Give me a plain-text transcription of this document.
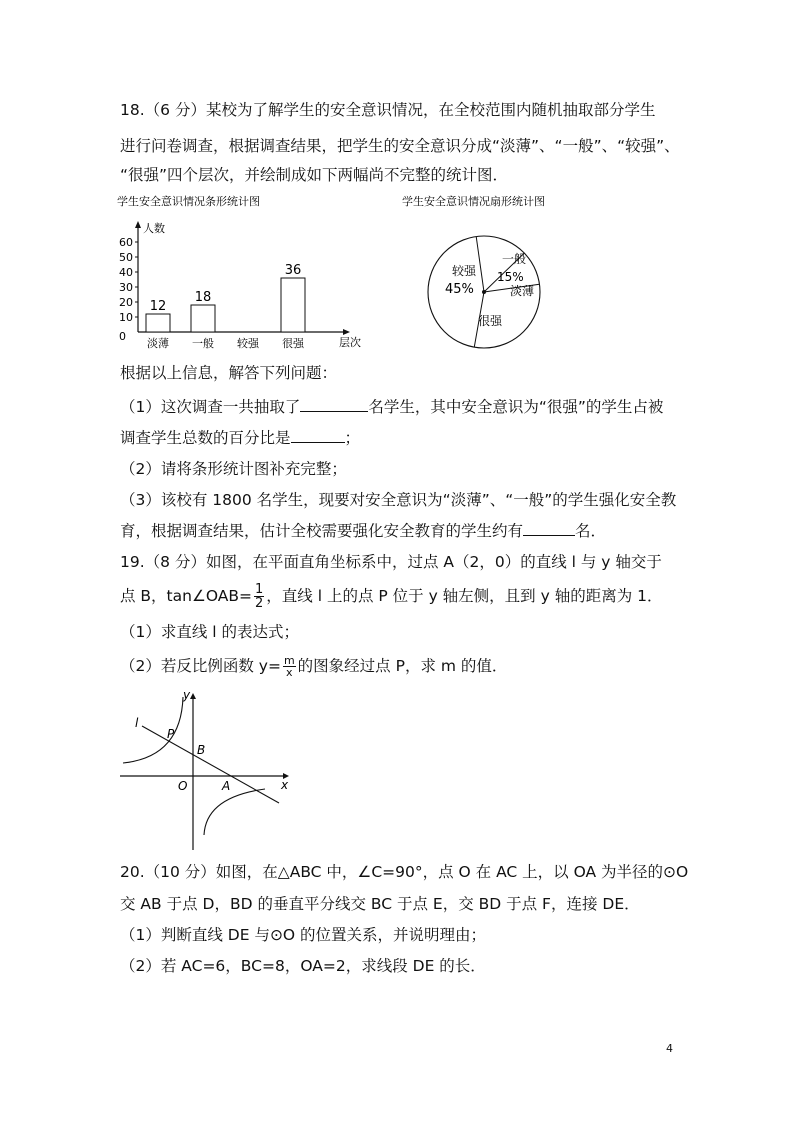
18.（6 分）某校为了解学生的安全意识情况，在全校范围内随机抽取部分学生
进行问卷调查，根据调查结果，把学生的安全意识分成“淡薄”、“一般”、“较强”、
“很强”四个层次，并绘制成如下两幅尚不完整的统计图．
学生安全意识情况条形统计图
人数
层次
0
10
20
30
40
50
60
12
18
36
淡薄 一般 较强 很强
学生安全意识情况扇形统计图
较强
45%
一般
15%
淡薄
很强
根据以上信息，解答下列问题：
（1）这次调查一共抽取了	名学生，其中安全意识为“很强”的学生占被
调查学生总数的百分比是	；
（2）请将条形统计图补充完整；
（3）该校有 1800 名学生，现要对安全意识为“淡薄”、“一般”的学生强化安全教
育，根据调查结果，估计全校需要强化安全教育的学生约有	名．
19.（8 分）如图，在平面直角坐标系中，过点 A（2，0）的直线 l 与 y 轴交于
点 B，tan∠OAB= $\frac{1}{2}$ ，直线 l 上的点 P 位于 y 轴左侧，且到 y 轴的距离为 1．
（1）求直线 l 的表达式；
（2）若反比例函数 $y= \frac{m}{x}$ 的图象经过点 P，求 m 的值．
l
P
B
O	A	x
y
20.（10 分）如图，在△ABC 中，∠C=90°，点 O 在 AC 上，以 OA 为半径的⊙O
交 AB 于点 D，BD 的垂直平分线交 BC 于点 E，交 BD 于点 F，连接 DE．
（1）判断直线 DE 与⊙O 的位置关系，并说明理由；
（2）若 AC=6，BC=8，OA=2，求线段 DE 的长．
4
